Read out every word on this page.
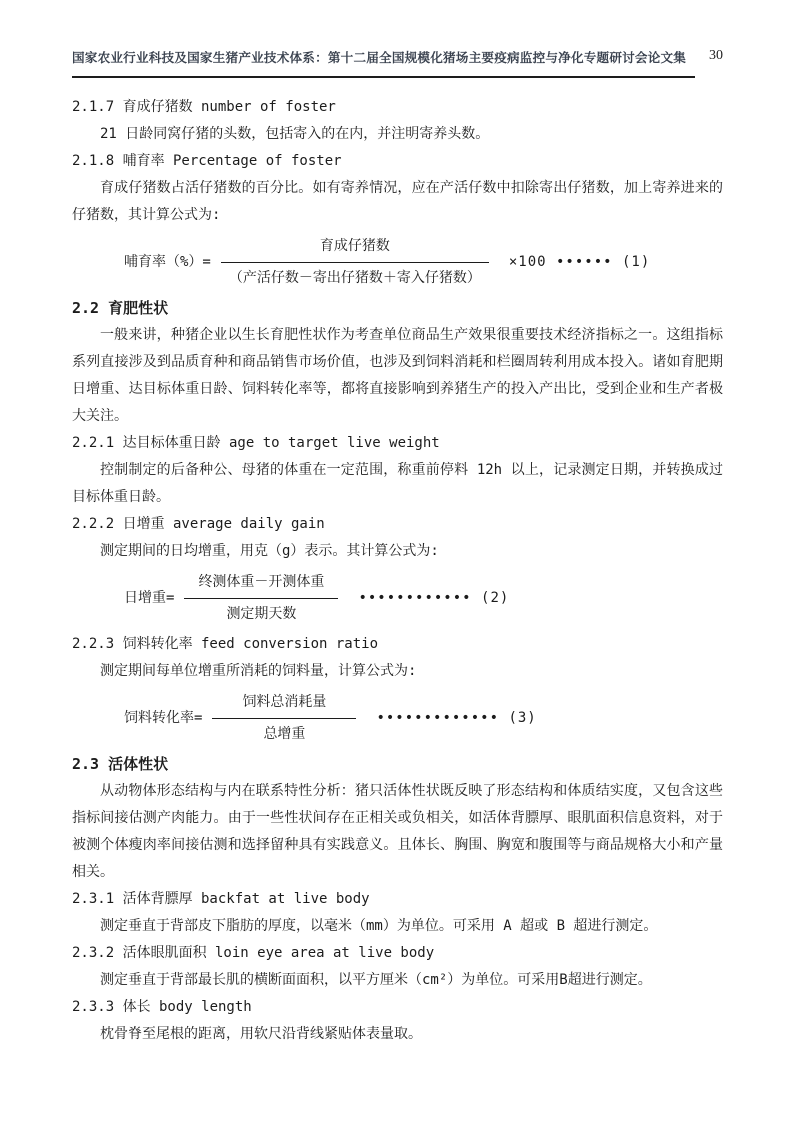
国家农业行业科技及国家生猪产业技术体系：第十二届全国规模化猪场主要疫病监控与净化专题研讨会论文集	30
2.1.7 育成仔猪数 number of foster

21 日龄同窝仔猪的头数，包括寄入的在内，并注明寄养头数。

2.1.8 哺育率 Percentage of foster

育成仔猪数占活仔猪数的百分比。如有寄养情况，应在产活仔数中扣除寄出仔猪数，加上寄养进来的仔猪数，其计算公式为:

哺育率（%）= $\frac{\text{育成仔猪数}}{\text{（产活仔数－寄出仔猪数＋寄入仔猪数）}} \times 100$ •••••• (1)
2.2 育肥性状

一般来讲，种猪企业以生长育肥性状作为考查单位商品生产效果很重要技术经济指标之一。这组指标系列直接涉及到品质育种和商品销售市场价值，也涉及到饲料消耗和栏圈周转利用成本投入。诸如育肥期日增重、达目标体重日龄、饲料转化率等，都将直接影响到养猪生产的投入产出比，受到企业和生产者极大关注。

2.2.1 达目标体重日龄 age to target live weight

控制制定的后备种公、母猪的体重在一定范围，称重前停料 12h 以上，记录测定日期，并转换成过目标体重日龄。

2.2.2 日增重 average daily gain

测定期间的日均增重，用克（g）表示。其计算公式为:

日增重= $\frac{\text{终测体重－开测体重}}{\text{测定期天数}}$ •••••••••••• (2)
2.2.3 饲料转化率 feed conversion ratio

测定期间每单位增重所消耗的饲料量，计算公式为:

饲料转化率= $\frac{\text{饲料总消耗量}}{\text{总增重}}$ ••••••••••••• (3)
2.3 活体性状

从动物体形态结构与内在联系特性分析：猪只活体性状既反映了形态结构和体质结实度，又包含这些指标间接估测产肉能力。由于一些性状间存在正相关或负相关，如活体背膘厚、眼肌面积信息资料，对于被测个体瘦肉率间接估测和选择留种具有实践意义。且体长、胸围、胸宽和腹围等与商品规格大小和产量相关。

2.3.1 活体背膘厚 backfat at live body

测定垂直于背部皮下脂肪的厚度，以毫米（mm）为单位。可采用 A 超或 B 超进行测定。

2.3.2 活体眼肌面积 loin eye area at live body

测定垂直于背部最长肌的横断面面积，以平方厘米（cm²）为单位。可采用B超进行测定。

2.3.3 体长 body length

枕骨脊至尾根的距离，用软尺沿背线紧贴体表量取。
